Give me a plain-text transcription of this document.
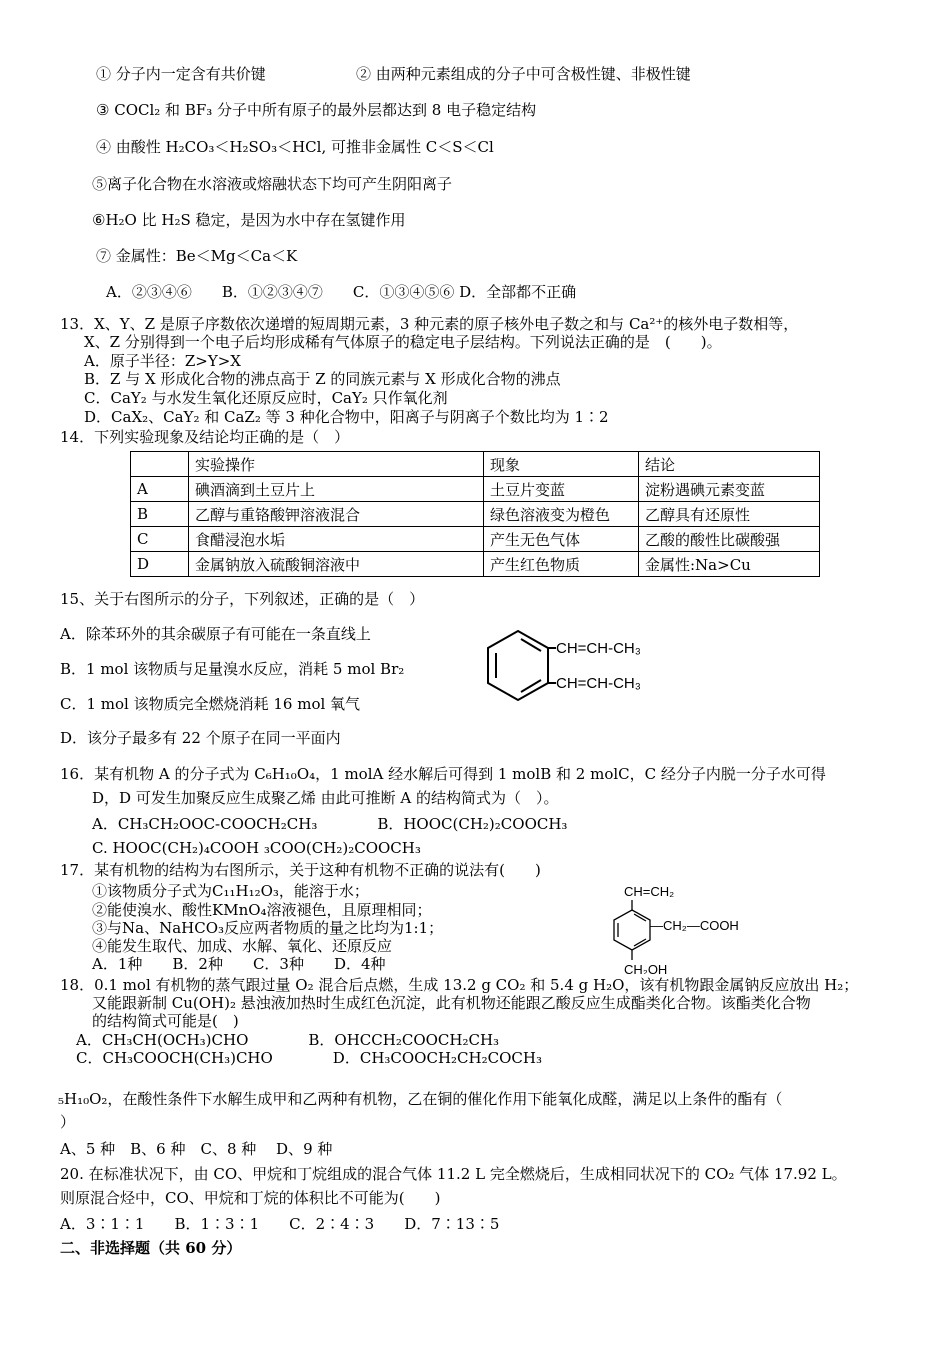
① 分子内一定含有共价键	② 由两种元素组成的分子中可含极性键、非极性键
③ COCl₂ 和 BF₃ 分子中所有原子的最外层都达到 8 电子稳定结构
④ 由酸性 H₂CO₃＜H₂SO₃＜HCl, 可推非金属性 C＜S＜Cl
⑤离子化合物在水溶液或熔融状态下均可产生阴阳离子
⑥H₂O 比 H₂S 稳定，是因为水中存在氢键作用
⑦ 金属性：Be＜Mg＜Ca＜K
A．②③④⑥　　B．①②③④⑦　　C．①③④⑤⑥ D．全部都不正确
13．X、Y、Z 是原子序数依次递增的短周期元素，3 种元素的原子核外电子数之和与 Ca²⁺的核外电子数相等，
X、Z 分别得到一个电子后均形成稀有气体原子的稳定电子层结构。下列说法正确的是　(　　)。
A．原子半径：Z>Y>X
B．Z 与 X 形成化合物的沸点高于 Z 的同族元素与 X 形成化合物的沸点
C．CaY₂ 与水发生氧化还原反应时，CaY₂ 只作氧化剂
D．CaX₂、CaY₂ 和 CaZ₂ 等 3 种化合物中，阳离子与阴离子个数比均为 1∶2
14．下列实验现象及结论均正确的是（　）
	实验操作	现象	结论
A	碘酒滴到土豆片上	土豆片变蓝	淀粉遇碘元素变蓝
B	乙醇与重铬酸钾溶液混合	绿色溶液变为橙色	乙醇具有还原性
C	食醋浸泡水垢	产生无色气体	乙酸的酸性比碳酸强
D	金属钠放入硫酸铜溶液中	产生红色物质	金属性:Na>Cu
15、关于右图所示的分子，下列叙述，正确的是（　）
A．除苯环外的其余碳原子有可能在一条直线上
B．1 mol 该物质与足量溴水反应，消耗 5 mol Br₂
C．1 mol 该物质完全燃烧消耗 16 mol 氧气
D．该分子最多有 22 个原子在同一平面内
CH=CH-CH₃
CH=CH-CH₃
16．某有机物 A 的分子式为 C₆H₁₀O₄，1 molA 经水解后可得到 1 molB 和 2 molC，C 经分子内脱一分子水可得
D，D 可发生加聚反应生成聚乙烯 由此可推断 A 的结构简式为（　）。
A．CH₃CH₂OOC-COOCH₂CH₃　　　　B．HOOC(CH₂)₂COOCH₃
C. HOOC(CH₂)₄COOH ₃COO(CH₂)₂COOCH₃
17．某有机物的结构为右图所示，关于这种有机物不正确的说法有(　　)
①该物质分子式为C₁₁H₁₂O₃，能溶于水；
②能使溴水、酸性KMnO₄溶液褪色，且原理相同；
③与Na、NaHCO₃反应两者物质的量之比均为1:1；
④能发生取代、加成、水解、氧化、还原反应
A．1种　　B．2种　　C．3种　　D．4种
CH=CH₂
—CH₂—COOH
CH₂OH
18．0.1 mol 有机物的蒸气跟过量 O₂ 混合后点燃，生成 13.2 g CO₂ 和 5.4 g H₂O，该有机物跟金属钠反应放出 H₂；
又能跟新制 Cu(OH)₂ 悬浊液加热时生成红色沉淀，此有机物还能跟乙酸反应生成酯类化合物。该酯类化合物
的结构简式可能是(　)
A．CH₃CH(OCH₃)CHO　　　　B．OHCCH₂COOCH₂CH₃
C．CH₃COOCH(CH₃)CHO　　　　D．CH₃COOCH₂CH₂COCH₃
₅H₁₀O₂，在酸性条件下水解生成甲和乙两种有机物，乙在铜的催化作用下能氧化成醛，满足以上条件的酯有（
）
A、5 种　B、6 种　C、8 种　 D、9 种
20. 在标准状况下，由 CO、甲烷和丁烷组成的混合气体 11.2 L 完全燃烧后，生成相同状况下的 CO₂ 气体 17.92 L。
则原混合烃中，CO、甲烷和丁烷的体积比不可能为(　　)
A．3∶1∶1　　B．1∶3∶1　　C．2∶4∶3　　D．7∶13∶5
二、非选择题（共 60 分）
